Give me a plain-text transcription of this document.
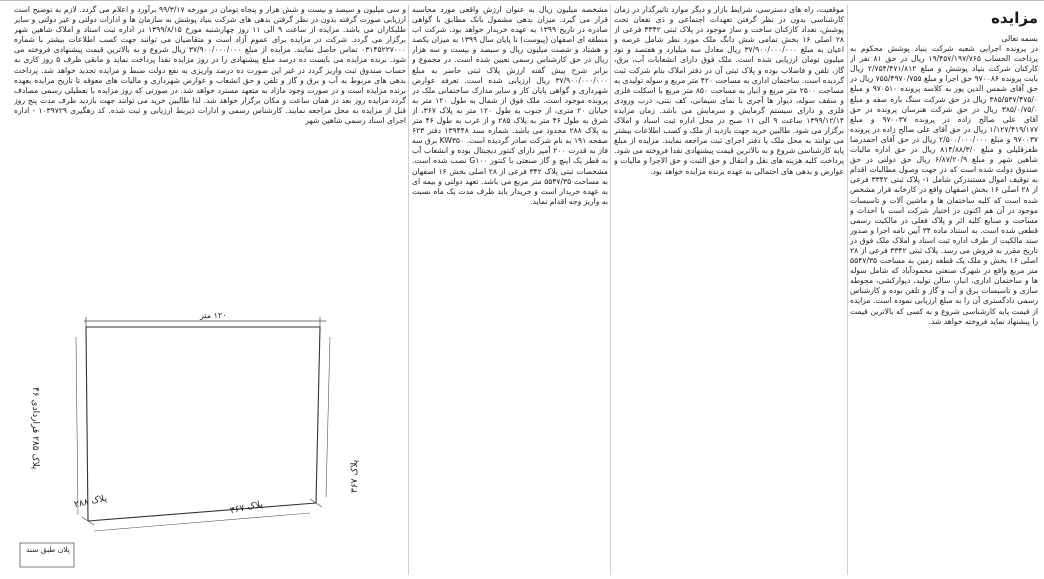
مزایده

بسمه تعالی

در پرونده اجرایی شعبه شرکت بنیاد پوشش محکوم به پرداخت الحساب ۱۹/۴۵۷/۱۹۷/۷۶۵ ریال در حق ۸۱ نفر از کارکنان شرکت بنیاد پوشش و مبلغ ۲/۷۵۴/۴۷۱/۸۱۲ ریال بابت پرونده ۹۷۰۰۸۶ حق اجرا و مبلغ ۷۵۵/۴۹۷۰/۷۵۵ ریال در حق آقای شمس الدین پور به کلاسه پرونده ۹۷۰۵۱۰ و مبلغ ۳۸۵/۵۳۷/۴۷۵/۰ ریال در حق شرکت سنگ باره صفه و مبلغ ۳۸۵/۰/۷۵/۰ ریال در حق شرکت هنرسان پرونده در حق آقای علی صالح زاده در پرونده ۹۷۰۰۳۷ و مبلغ ۱/۱۲۷/۴۱۹/۱۷۷ ریال در حق آقای علی صالح زاده در پرونده ۹۷۰۰۳۷ و مبلغ ۲/۵۰۰/۰۰۰/۰۰۰ ریال در حق آقای احمدرضا ظفرقلیلی و مبلغ ۸۱۴/۸۸/۳/۰ ریال در حق اداره مالیات شاهین شهر و مبلغ ۶/۸۷/۲۰/۹ ریال حق دولتی در حق صندوق دولت شده است که در جهت وصول مطالبات اقدام به توقیف اموال مستندرکن شامل ۱- پلاک ثبتی ۳۳۴۲ فرعی از ۲۸ اصلی ۱۶ بخش اصفهان واقع در کارخانه قرار مشخص شده است که کلیه ساختمان ها و ماشین آلات و تاسیسات موجود در آن هم اکنون در اختیار شرکت است با احداث و مساحت و صنایع کلیه اثر و پلاک فعلی در مالکیت رسمی قطعی شده است. به استناد ماده ۳۴ آیین نامه اجرا و صدور سند مالکیت از طرف اداره ثبت اسناد و املاک ملک فوق در تاریخ مقرر به فروش می رسد. پلاک ثبتی ۳۳۴۲ فرعی از ۲۸ اصلی ۱۶ بخش و ملک یک قطعه زمین به مساحت ۵۵۴۷/۳۵ متر مربع واقع در شهرک صنعتی محمودآباد که شامل سوله ها و ساختمان اداری، انبار، سالن تولید، دیوارکشی، محوطه سازی و تاسیسات برق و آب و گاز و تلفن بوده و کارشناس رسمی دادگستری آن را به مبلغ ارزیابی نموده است. مزایده از قیمت پایه کارشناسی شروع و به کسی که بالاترین قیمت را پیشنهاد نماید فروخته خواهد شد.

موقعیت، راه های دسترسی، شرایط بازار و دیگر موارد تاثیرگذار در زمان کارشناسی بدون در نظر گرفتن تعهدات اجتماعی و ذی نفعان تحت پوشش، تعداد کارکنان ساخت و ساز موجود در پلاک ثبتی ۳۳۴۲ فرعی از ۲۸ اصلی ۱۶ بخش تمامی شش دانگ ملک مورد نظر شامل عرصه و اعیان به مبلغ ۳۷/۹۰۰/۰۰۰/۰۰۰ ریال معادل سه میلیارد و هفتصد و نود میلیون تومان ارزیابی شده است. ملک فوق دارای انشعابات آب، برق، گاز، تلفن و فاضلاب بوده و پلاک ثبتی آن در دفتر املاک بنام شرکت ثبت گردیده است. ساختمان اداری به مساحت ۴۲۰ متر مربع و سوله تولیدی به مساحت ۲۵۰۰ متر مربع و انبار به مساحت ۸۵۰ متر مربع با اسکلت فلزی و سقف سوله، دیوار ها آجری با نمای سیمانی، کف بتنی، درب ورودی فلزی و دارای سیستم گرمایش و سرمایش می باشد. زمان مزایده ۱۳۹۹/۱۲/۱۴ ساعت ۹ الی ۱۱ صبح در محل اداره ثبت اسناد و املاک برگزار می شود. طالبین خرید جهت بازدید از ملک و کسب اطلاعات بیشتر می توانند به محل ملک یا دفتر اجرای ثبت مراجعه نمایند. مزایده از مبلغ پایه کارشناسی شروع و به بالاترین قیمت پیشنهادی نقدا فروخته می شود. پرداخت کلیه هزینه های نقل و انتقال و حق الثبت و حق الاجرا و مالیات و عوارض و بدهی های احتمالی به عهده برنده مزایده خواهد بود.

مشخصه میلیون ریال به عنوان ارزش واقعی مورد محاسبه قرار می گیرد. میزان بدهی مشمول بانک مطابق با گواهی صادره در تاریخ ۱۳۹۹ به عهده خریدار خواهد بود. شرکت اب منطقه ای اصفهان (پیوست) تا پایان سال ۱۳۹۹ به میزان یکصد و هشتاد و شصت میلیون ریال و سیصد و بیست و سه هزار ریال در حق کارشناس رسمی تعیین شده است. در مجموع و برابر شرح پیش گفته ارزش پلاک ثبتی حاضر به مبلغ ۳۷/۹۰۰/۰۰۰/۰۰۰ ریال ارزیابی شده است. تعرفه عوارض شهرداری و گواهی پایان کار و سایر مدارک ساختمانی ملک در پرونده موجود است. ملک فوق از شمال به طول ۱۲۰ متر به خیابان ۲۰ متری، از جنوب به طول ۱۲۰ متر به پلاک ۳۶۷، از شرق به طول ۴۶ متر به پلاک ۲۸۵ و از غرب به طول ۴۶ متر به پلاک ۲۸۸ محدود می باشد. شماره سند ۱۳۹۴۴۸ دفتر ۶۲۳ صفحه ۱۹۱ به نام شرکت صادر گردیده است. KW۳۵۰ برق سه فاز به قدرت ۲۰۰ آمپر دارای کنتور دیجیتال بوده و انشعاب آب به قطر یک اینچ و گاز صنعتی با کنتور G۱۰۰ نصب شده است. مشخصات ثبتی پلاک ۳۴۲ فرعی از ۲۸ اصلی بخش ۱۶ اصفهان به مساحت ۵۵۴۷/۳۵ متر مربع می باشد. تعهد دولتی و بیمه ای به عهده خریدار است و خریدار باید ظرف مدت یک ماه نسبت به واریز وجه اقدام نماید.

و سی میلیون و سیصد و بیست و شش هزار و پنجاه تومان در مورخه ۹۹/۳/۱۷ برآورد و اعلام می گردد. لازم به توضیح است ارزیابی صورت گرفته بدون در نظر گرفتن بدهی های شرکت بنیاد پوشش به سازمان ها و ادارات دولتی و غیر دولتی و سایر طلبکاران می باشد. مزایده از ساعت ۹ الی ۱۱ روز چهارشنبه مورخ ۱۳۹۹/۸/۱۵ در اداره ثبت اسناد و املاک شاهین شهر برگزار می گردد. شرکت در مزایده برای عموم آزاد است و متقاضیان می توانند جهت کسب اطلاعات بیشتر با شماره ۰۳۱۴۵۲۲۷۰۰۰ تماس حاصل نمایند. مزایده از مبلغ ۳۷/۹۰۰/۰۰۰/۰۰۰ ریال شروع و به بالاترین قیمت پیشنهادی فروخته می شود. برنده مزایده می بایست ده درصد مبلغ پیشنهادی را در روز مزایده نقدا پرداخت نماید و مابقی ظرف ۵ روز کاری به حساب صندوق ثبت واریز گردد در غیر این صورت ده درصد واریزی به نفع دولت ضبط و مزایده تجدید خواهد شد. پرداخت بدهی های مربوط به آب و برق و گاز و تلفن و حق انشعاب و عوارض شهرداری و مالیات های معوقه تا تاریخ مزایده بعهده برنده مزایده است و در صورت وجود مازاد به متعهد مسترد خواهد شد. در صورتی که روز مزایده با تعطیلی رسمی مصادف گردد مزایده روز بعد در همان ساعت و مکان برگزار خواهد شد. لذا طالبین خرید می توانند جهت بازدید ظرف مدت پنج روز قبل از مزایده به محل مراجعه نمایند. کارشناس رسمی و ادارات ذیربط ارزیابی و ثبت شده. کد رهگیری ۱۰۳۹۷۲۹ - اداره اجرای اسناد رسمی شاهین شهر

۱۲۰ متر
پلاک ۲۸۵ قراردادی ۴۶
پلاک ۳۶۷
پلاک ۲۸۸
پلاک ۳۶۷
پلان طبق سند
